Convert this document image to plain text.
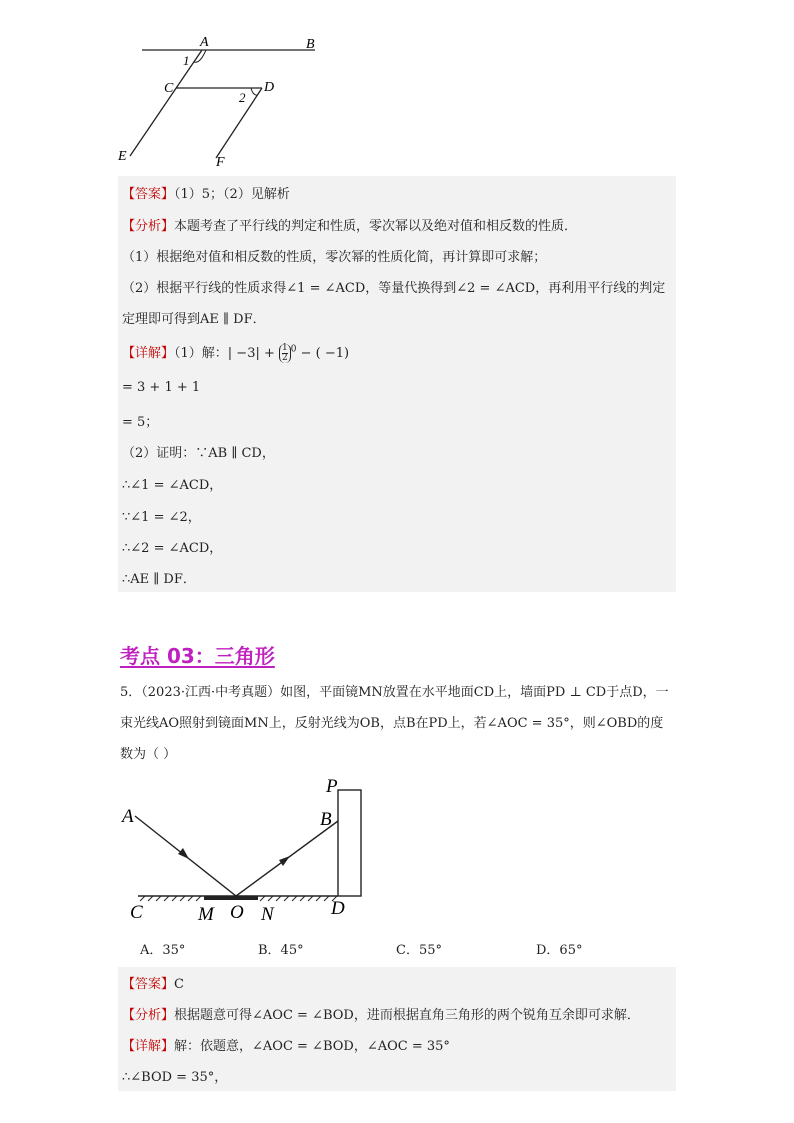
A	B
1
C	D
2
E	F
【答案】（1）5；（2）见解析
【分析】本题考查了平行线的判定和性质，零次幂以及绝对值和相反数的性质．
（1）根据绝对值和相反数的性质，零次幂的性质化简，再计算即可求解；
（2）根据平行线的性质求得∠1 = ∠ACD，等量代换得到∠2 = ∠ACD，再利用平行线的判定
定理即可得到AE ∥ DF．
【详解】（1）解：| $-3| + \frac{1}{2} ^0$ − ( −1)
= 3 + 1 + 1
= 5；
（2）证明：∵AB ∥ CD，
∴∠1 = ∠ACD，
∵∠1 = ∠2，
∴∠2 = ∠ACD，
∴AE ∥ DF．
考点 03：三角形
5．（2023·江西·中考真题）如图，平面镜MN放置在水平地面CD上，墙面PD ⊥ CD于点D，一
束光线AO照射到镜面MN上，反射光线为OB，点B在PD上，若∠AOC = 35°，则∠OBD的度
数为（ ）
P
B
A
C	M O N	D
A．35°	B．45°	C．55°	D．65°
【答案】C
【分析】根据题意可得∠AOC = ∠BOD，进而根据直角三角形的两个锐角互余即可求解．
【详解】解：依题意，∠AOC = ∠BOD，∠AOC = 35°
∴∠BOD = 35°，
